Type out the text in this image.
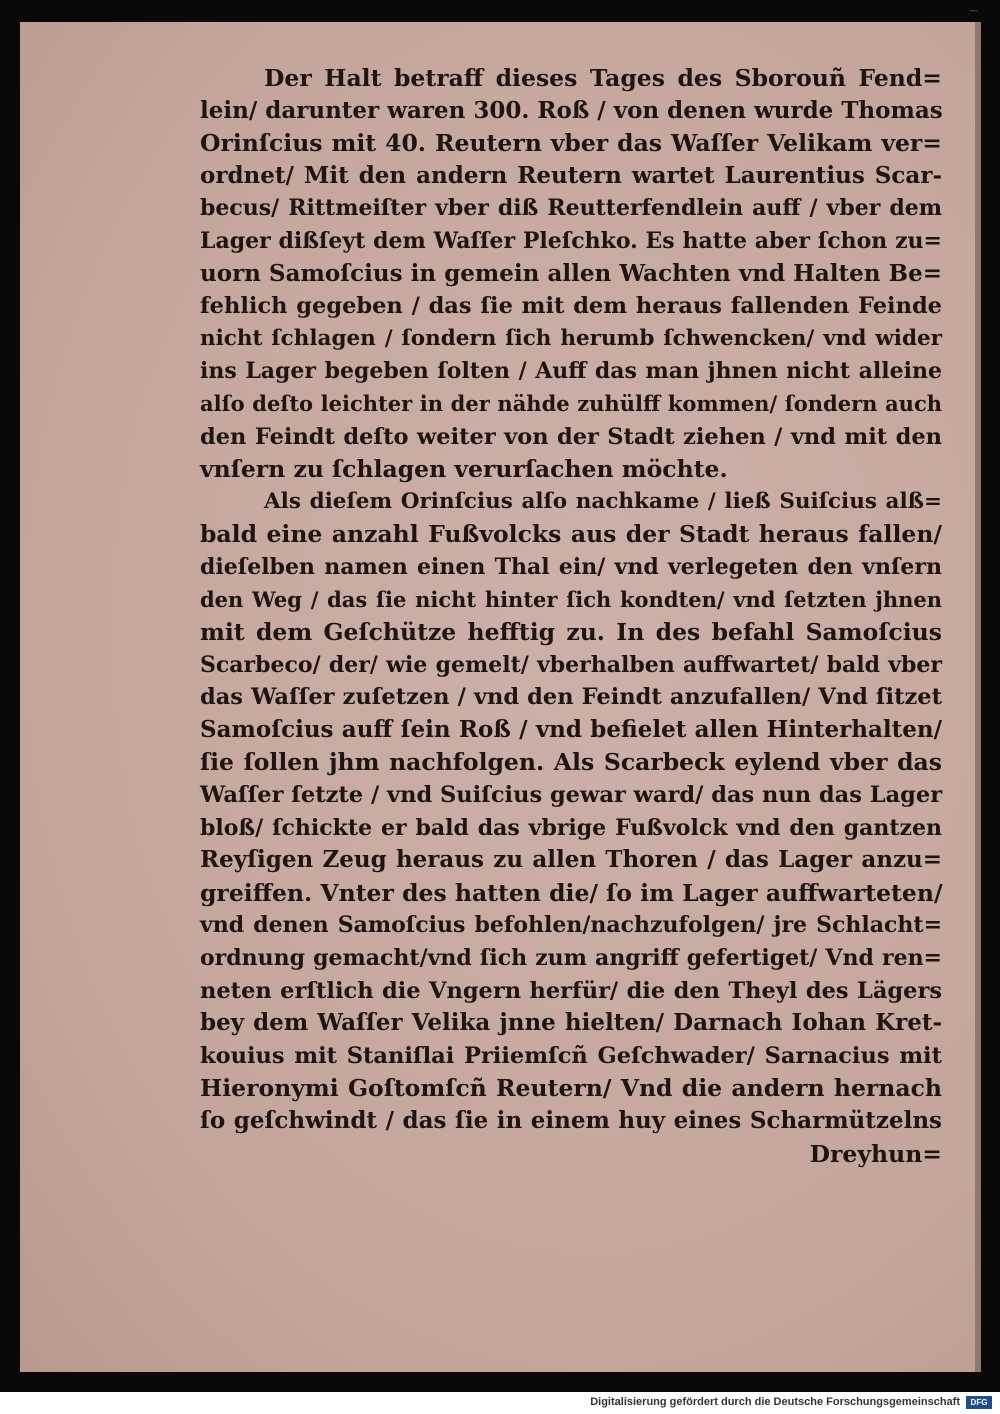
—
Der Halt betraff dieses Tages des Sborouñ Fend=
lein/ darunter waren 300. Roß / von denen wurde Thomas
Orinſcius mit 40. Reutern vber das Waſſer Velikam ver=
ordnet/ Mit den andern Reutern wartet Laurentius Scar-
becus/ Rittmeiſter vber diß Reutterfendlein auff / vber dem
Lager dißſeyt dem Waſſer Pleſchko. Es hatte aber ſchon zu=
uorn Samoſcius in gemein allen Wachten vnd Halten Be=
fehlich gegeben / das ſie mit dem heraus fallenden Feinde
nicht ſchlagen / ſondern ſich herumb ſchwencken/ vnd wider
ins Lager begeben ſolten / Auff das man jhnen nicht alleine
alſo deſto leichter in der nähde zuhülff kommen/ ſondern auch
den Feindt deſto weiter von der Stadt ziehen / vnd mit den
vnſern zu ſchlagen verurſachen möchte.
Als dieſem Orinſcius alſo nachkame / ließ Suiſcius alß=
bald eine anzahl Fußvolcks aus der Stadt heraus fallen/
dieſelben namen einen Thal ein/ vnd verlegeten den vnſern
den Weg / das ſie nicht hinter ſich kondten/ vnd ſetzten jhnen
mit dem Geſchütze hefftig zu. In des befahl Samoſcius
Scarbeco/ der/ wie gemelt/ vberhalben auffwartet/ bald vber
das Waſſer zuſetzen / vnd den Feindt anzufallen/ Vnd ſitzet
Samoſcius auff ſein Roß / vnd befielet allen Hinterhalten/
ſie ſollen jhm nachfolgen. Als Scarbeck eylend vber das
Waſſer ſetzte / vnd Suiſcius gewar ward/ das nun das Lager
bloß/ ſchickte er bald das vbrige Fußvolck vnd den gantzen
Reyſigen Zeug heraus zu allen Thoren / das Lager anzu=
greiffen. Vnter des hatten die/ ſo im Lager auffwarteten/
vnd denen Samoſcius befohlen/nachzufolgen/ jre Schlacht=
ordnung gemacht/vnd ſich zum angriff gefertiget/ Vnd ren=
neten erſtlich die Vngern herfür/ die den Theyl des Lägers
bey dem Waſſer Velika jnne hielten/ Darnach Iohan Kret-
kouius mit Staniſlai Priiemſcñ Geſchwader/ Sarnacius mit
Hieronymi Goſtomſcñ Reutern/ Vnd die andern hernach
ſo geſchwindt / das ſie in einem huy eines Scharmützelns
Dreyhun=
Digitalisierung gefördert durch die Deutsche Forschungsgemeinschaft	DFG
